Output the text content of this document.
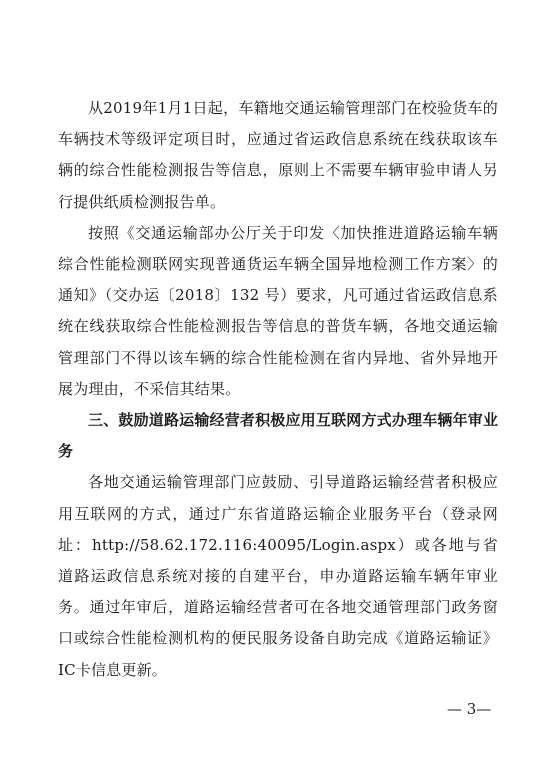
从2019年1月1日起，车籍地交通运输管理部门在校验货车的车辆技术等级评定项目时，应通过省运政信息系统在线获取该车辆的综合性能检测报告等信息，原则上不需要车辆审验申请人另行提供纸质检测报告单。

按照《交通运输部办公厅关于印发〈加快推进道路运输车辆综合性能检测联网实现普通货运车辆全国异地检测工作方案〉的通知》（交办运〔2018〕132 号）要求，凡可通过省运政信息系统在线获取综合性能检测报告等信息的普货车辆，各地交通运输管理部门不得以该车辆的综合性能检测在省内异地、省外异地开展为理由，不采信其结果。

三、鼓励道路运输经营者积极应用互联网方式办理车辆年审业务

各地交通运输管理部门应鼓励、引导道路运输经营者积极应用互联网的方式，通过广东省道路运输企业服务平台（登录网址：http://58.62.172.116:40095/Login.aspx）或各地与省道路运政信息系统对接的自建平台，申办道路运输车辆年审业务。通过年审后，道路运输经营者可在各地交通管理部门政务窗口或综合性能检测机构的便民服务设备自助完成《道路运输证》IC卡信息更新。

— 3—
